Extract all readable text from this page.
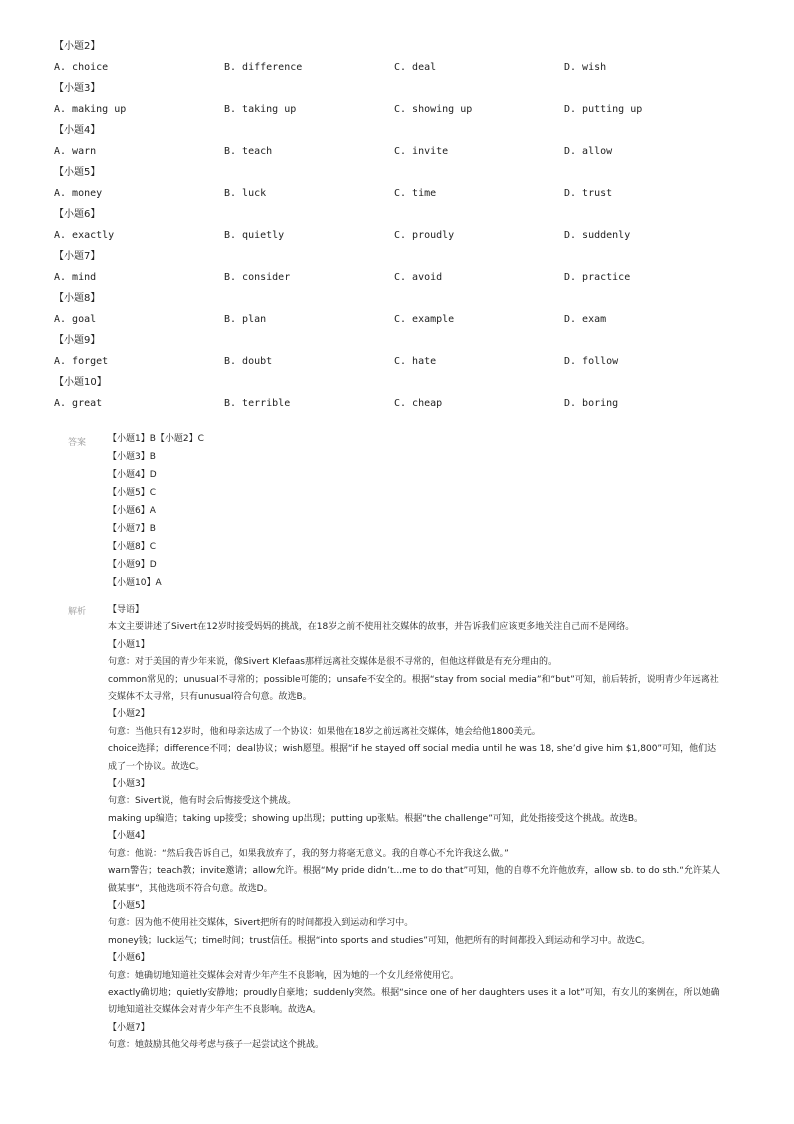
【小题2】
A. choice	B. difference	C. deal	D. wish
【小题3】
A. making up	B. taking up	C. showing up	D. putting up
【小题4】
A. warn	B. teach	C. invite	D. allow
【小题5】
A. money	B. luck	C. time	D. trust
【小题6】
A. exactly	B. quietly	C. proudly	D. suddenly
【小题7】
A. mind	B. consider	C. avoid	D. practice
【小题8】
A. goal	B. plan	C. example	D. exam
【小题9】
A. forget	B. doubt	C. hate	D. follow
【小题10】
A. great	B. terrible	C. cheap	D. boring
答案 【小题1】B【小题2】C
【小题3】B
【小题4】D
【小题5】C
【小题6】A
【小题7】B
【小题8】C
【小题9】D
【小题10】A
解析 【导语】
本文主要讲述了Sivert在12岁时接受妈妈的挑战，在18岁之前不使用社交媒体的故事，并告诉我们应该更多地关注自己而不是网络。
【小题1】
句意：对于美国的青少年来说，像Sivert Klefaas那样远离社交媒体是很不寻常的，但他这样做是有充分理由的。
common常见的；unusual不寻常的；possible可能的；unsafe不安全的。根据“stay from social media”和“but”可知，前后转折，说明青少年远离社交媒体不太寻常，只有unusual符合句意。故选B。
【小题2】
句意：当他只有12岁时，他和母亲达成了一个协议：如果他在18岁之前远离社交媒体，她会给他1800美元。
choice选择；difference不同；deal协议；wish愿望。根据“if he stayed off social media until he was 18, she’d give him $1,800”可知，他们达成了一个协议。故选C。
【小题3】
句意：Sivert说，他有时会后悔接受这个挑战。
making up编造；taking up接受；showing up出现；putting up张贴。根据“the challenge”可知，此处指接受这个挑战。故选B。
【小题4】
句意：他说：“然后我告诉自己，如果我放弃了，我的努力将毫无意义。我的自尊心不允许我这么做。”
warn警告；teach教；invite邀请；allow允许。根据“My pride didn’t...me to do that”可知，他的自尊不允许他放弃，allow sb. to do sth.“允许某人做某事”，其他选项不符合句意。故选D。
【小题5】
句意：因为他不使用社交媒体，Sivert把所有的时间都投入到运动和学习中。
money钱；luck运气；time时间；trust信任。根据“into sports and studies”可知，他把所有的时间都投入到运动和学习中。故选C。
【小题6】
句意：她确切地知道社交媒体会对青少年产生不良影响，因为她的一个女儿经常使用它。
exactly确切地；quietly安静地；proudly自豪地；suddenly突然。根据“since one of her daughters uses it a lot”可知，有女儿的案例在，所以她确切地知道社交媒体会对青少年产生不良影响。故选A。
【小题7】
句意：她鼓励其他父母考虑与孩子一起尝试这个挑战。
